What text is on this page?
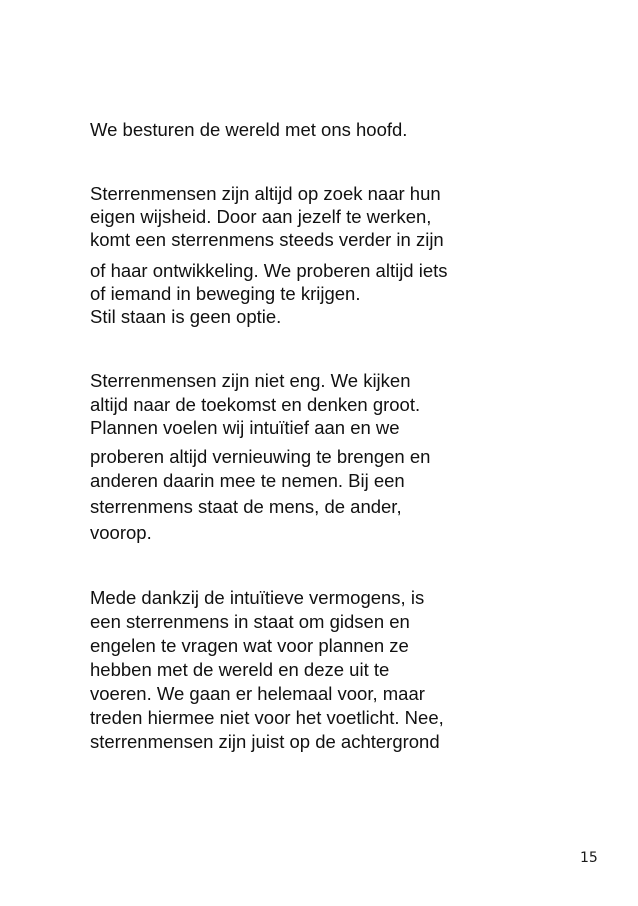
We besturen de wereld met ons hoofd.

Sterrenmensen zijn altijd op zoek naar hun

eigen wijsheid. Door aan jezelf te werken,

komt een sterrenmens steeds verder in zijn

of haar ontwikkeling. We proberen altijd iets

of iemand in beweging te krijgen.

Stil staan is geen optie.

Sterrenmensen zijn niet eng. We kijken

altijd naar de toekomst en denken groot.

Plannen voelen wij intuïtief aan en we

proberen altijd vernieuwing te brengen en

anderen daarin mee te nemen. Bij een

sterrenmens staat de mens, de ander,

voorop.

Mede dankzij de intuïtieve vermogens, is

een sterrenmens in staat om gidsen en

engelen te vragen wat voor plannen ze

hebben met de wereld en deze uit te

voeren. We gaan er helemaal voor, maar

treden hiermee niet voor het voetlicht. Nee,

sterrenmensen zijn juist op de achtergrond

15
